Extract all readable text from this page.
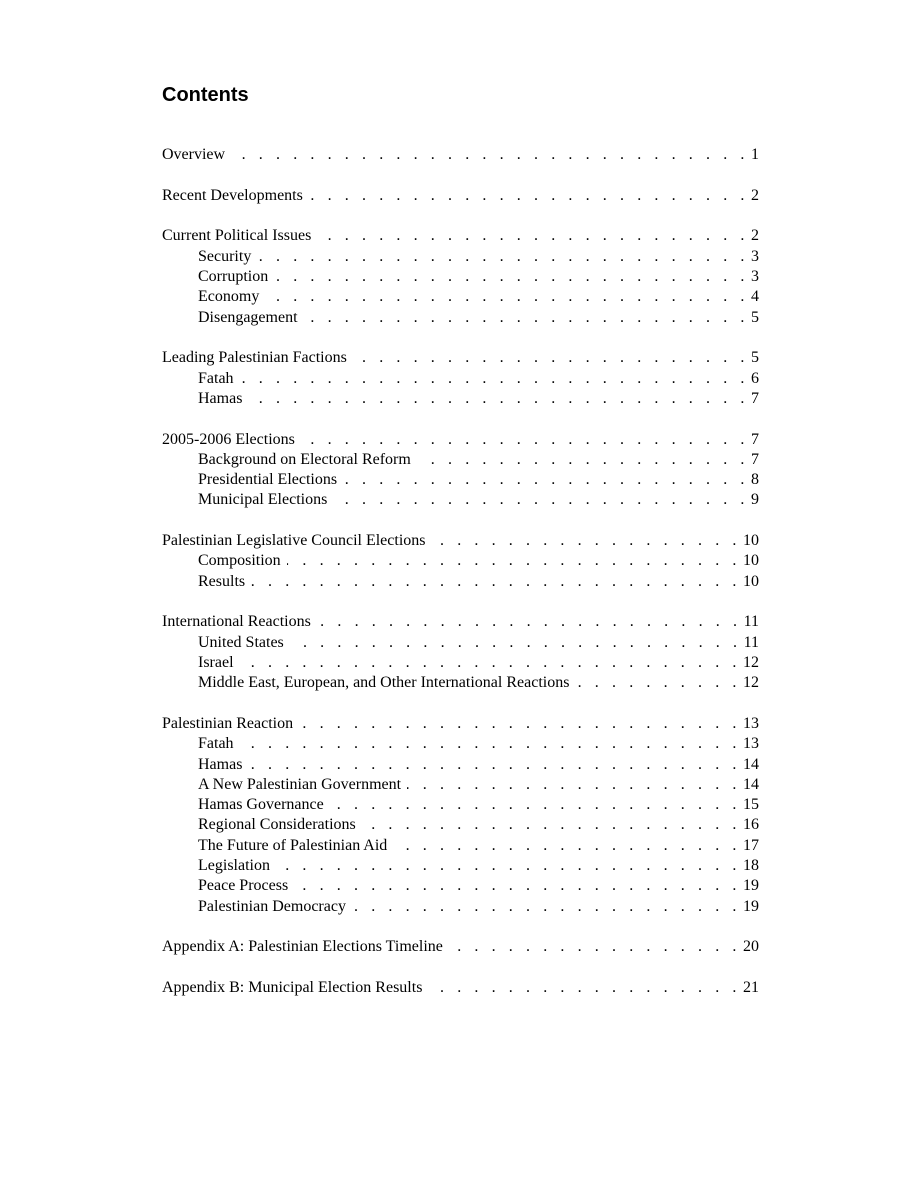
Contents
Overview . . .	1
Recent Developments . . .	2
Current Political Issues . . .	2
Security . . .	3
Corruption . . .	3
Economy . . .	4
Disengagement . . .	5
Leading Palestinian Factions . . .	5
Fatah . . .	6
Hamas . . .	7
2005-2006 Elections . . .	7
Background on Electoral Reform . . .	7
Presidential Elections . . .	8
Municipal Elections . . .	9
Palestinian Legislative Council Elections . . .	10
Composition . . .	10
Results . . .	10
International Reactions . . .	11
United States . . .	11
Israel . . .	12
Middle East, European, and Other International Reactions . . .	12
Palestinian Reaction . . .	13
Fatah . . .	13
Hamas . . .	14
A New Palestinian Government . . .	14
Hamas Governance . . .	15
Regional Considerations . . .	16
The Future of Palestinian Aid . . .	17
Legislation . . .	18
Peace Process . . .	19
Palestinian Democracy . . .	19
Appendix A: Palestinian Elections Timeline . . .	20
Appendix B: Municipal Election Results . . .	21
